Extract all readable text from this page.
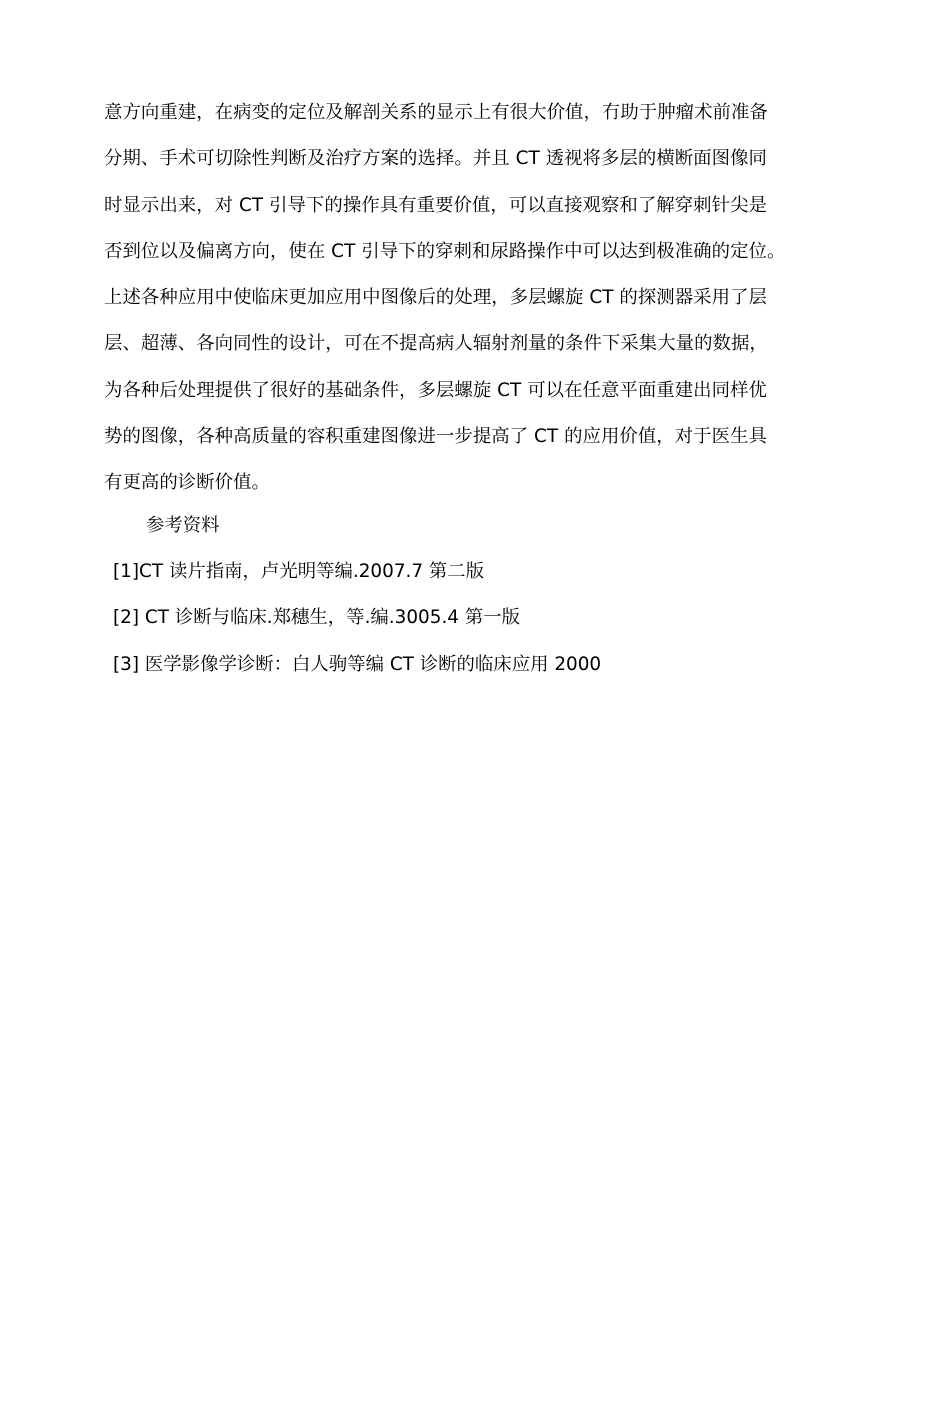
意方向重建，在病变的定位及解剖关系的显示上有很大价值，冇助于肿瘤术前准备
分期、手术可切除性判断及治疗方案的选择。并且 CT 透视将多层的横断面图像同
时显示出来，对 CT 引导下的操作具有重要价值，可以直接观察和了解穿刺针尖是
否到位以及偏离方向，使在 CT 引导下的穿刺和尿路操作中可以达到极准确的定位。
上述各种应用中使临床更加应用中图像后的处理，多层螺旋 CT 的探测器采用了层
层、超薄、各向同性的设计，可在不提高病人辐射剂量的条件下采集大量的数据，
为各种后处理提供了很好的基础条件，多层螺旋 CT 可以在任意平面重建出同样优
势的图像，各种高质量的容积重建图像进一步提高了 CT 的应用价值，对于医生具
有更高的诊断价值。
参考资料
[1]CT 读片指南，卢光明等编.2007.7 第二版
[2] CT 诊断与临床.郑穗生，等.编.3005.4 第一版
[3] 医学影像学诊断：白人驹等编 CT 诊断的临床应用 2000
